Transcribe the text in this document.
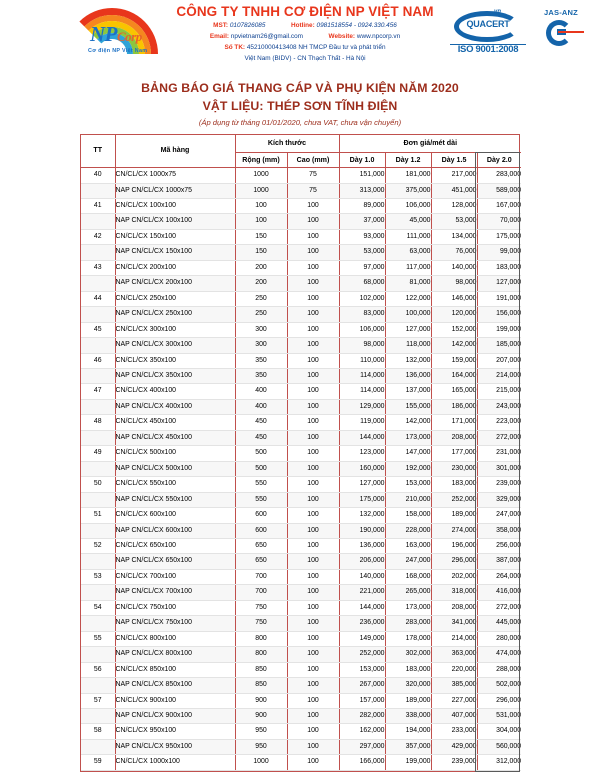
NPCorp
Cơ điện NP Việt Nam
CÔNG TY TNHH CƠ ĐIỆN NP VIỆT NAM
MST: 0107826085	Hotline: 0981518554 - 0924.330.456
Email: npvietnam26@gmail.com	Website: www.npcorp.vn
Số TK: 45210000413408 NH TMCP Đầu tư và phát triển
Việt Nam (BIDV) - CN Thạch Thất - Hà Nội
vn
QUACERT
ISO 9001:2008
JAS-ANZ
BẢNG BÁO GIÁ THANG CÁP VÀ PHỤ KIỆN NĂM 2020
VẬT LIỆU: THÉP SƠN TĨNH ĐIỆN
(Áp dụng từ tháng 01/01/2020, chưa VAT, chưa vận chuyển)
TT	Mã hàng	Kích thước		Đơn giá/mét dài			
		Rộng (mm)	Cao (mm)	Dày 1.0	Dày 1.2	Dày 1.5	Dày 2.0
40	CN/CL/CX 1000x75	1000	75	151,000	181,000	217,000	283,000
	NAP CN/CL/CX 1000x75	1000	75	313,000	375,000	451,000	589,000
41	CN/CL/CX 100x100	100	100	89,000	106,000	128,000	167,000
	NAP CN/CL/CX 100x100	100	100	37,000	45,000	53,000	70,000
42	CN/CL/CX 150x100	150	100	93,000	111,000	134,000	175,000
	NAP CN/CL/CX 150x100	150	100	53,000	63,000	76,000	99,000
43	CN/CL/CX 200x100	200	100	97,000	117,000	140,000	183,000
	NAP CN/CL/CX 200x100	200	100	68,000	81,000	98,000	127,000
44	CN/CL/CX 250x100	250	100	102,000	122,000	146,000	191,000
	NAP CN/CL/CX 250x100	250	100	83,000	100,000	120,000	156,000
45	CN/CL/CX 300x100	300	100	106,000	127,000	152,000	199,000
	NAP CN/CL/CX 300x100	300	100	98,000	118,000	142,000	185,000
46	CN/CL/CX 350x100	350	100	110,000	132,000	159,000	207,000
	NAP CN/CL/CX 350x100	350	100	114,000	136,000	164,000	214,000
47	CN/CL/CX 400x100	400	100	114,000	137,000	165,000	215,000
	NAP CN/CL/CX 400x100	400	100	129,000	155,000	186,000	243,000
48	CN/CL/CX 450x100	450	100	119,000	142,000	171,000	223,000
	NAP CN/CL/CX 450x100	450	100	144,000	173,000	208,000	272,000
49	CN/CL/CX 500x100	500	100	123,000	147,000	177,000	231,000
	NAP CN/CL/CX 500x100	500	100	160,000	192,000	230,000	301,000
50	CN/CL/CX 550x100	550	100	127,000	153,000	183,000	239,000
	NAP CN/CL/CX 550x100	550	100	175,000	210,000	252,000	329,000
51	CN/CL/CX 600x100	600	100	132,000	158,000	189,000	247,000
	NAP CN/CL/CX 600x100	600	100	190,000	228,000	274,000	358,000
52	CN/CL/CX 650x100	650	100	136,000	163,000	196,000	256,000
	NAP CN/CL/CX 650x100	650	100	206,000	247,000	296,000	387,000
53	CN/CL/CX 700x100	700	100	140,000	168,000	202,000	264,000
	NAP CN/CL/CX 700x100	700	100	221,000	265,000	318,000	416,000
54	CN/CL/CX 750x100	750	100	144,000	173,000	208,000	272,000
	NAP CN/CL/CX 750x100	750	100	236,000	283,000	341,000	445,000
55	CN/CL/CX 800x100	800	100	149,000	178,000	214,000	280,000
	NAP CN/CL/CX 800x100	800	100	252,000	302,000	363,000	474,000
56	CN/CL/CX 850x100	850	100	153,000	183,000	220,000	288,000
	NAP CN/CL/CX 850x100	850	100	267,000	320,000	385,000	502,000
57	CN/CL/CX 900x100	900	100	157,000	189,000	227,000	296,000
	NAP CN/CL/CX 900x100	900	100	282,000	338,000	407,000	531,000
58	CN/CL/CX 950x100	950	100	162,000	194,000	233,000	304,000
	NAP CN/CL/CX 950x100	950	100	297,000	357,000	429,000	560,000
59	CN/CL/CX 1000x100	1000	100	166,000	199,000	239,000	312,000
